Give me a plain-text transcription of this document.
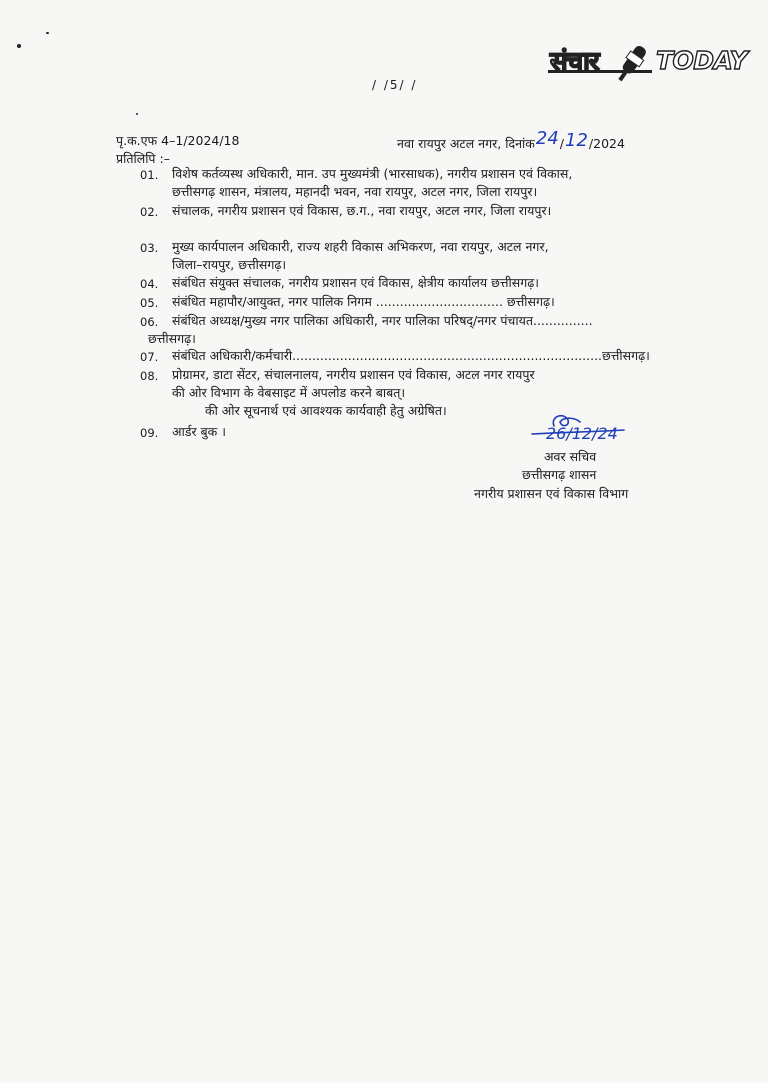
संचार TODAY
/ /5/ /
पृ.क.एफ 4–1/2024/18	नवा रायपुर अटल नगर, दिनांक24/12/2024
प्रतिलिपि :–
01. विशेष कर्तव्यस्थ अधिकारी, मान. उप मुख्यमंत्री (भारसाधक), नगरीय प्रशासन एवं विकास,
छत्तीसगढ़ शासन, मंत्रालय, महानदी भवन, नवा रायपुर, अटल नगर, जिला रायपुर।
02. संचालक, नगरीय प्रशासन एवं विकास, छ.ग., नवा रायपुर, अटल नगर, जिला रायपुर।
03. मुख्य कार्यपालन अधिकारी, राज्य शहरी विकास अभिकरण, नवा रायपुर, अटल नगर,
जिला–रायपुर, छत्तीसगढ़।
04. संबंधित संयुक्त संचालक, नगरीय प्रशासन एवं विकास, क्षेत्रीय कार्यालय छत्तीसगढ़।
05. संबंधित महापौर/आयुक्त, नगर पालिक निगम ................................ छत्तीसगढ़।
06. संबंधित अध्यक्ष/मुख्य नगर पालिका अधिकारी, नगर पालिका परिषद्/नगर पंचायत...............
छत्तीसगढ़।
07. संबंधित अधिकारी/कर्मचारी..............................................................................छत्तीसगढ़।
08. प्रोग्रामर, डाटा सेंटर, संचालनालय, नगरीय प्रशासन एवं विकास, अटल नगर रायपुर
की ओर विभाग के वेबसाइट में अपलोड करने बाबत्।
की ओर सूचनार्थ एवं आवश्यक कार्यवाही हेतु अग्रेषित।
09. आर्डर बुक ।	26/12/24
अवर सचिव
छत्तीसगढ़ शासन
नगरीय प्रशासन एवं विकास विभाग
